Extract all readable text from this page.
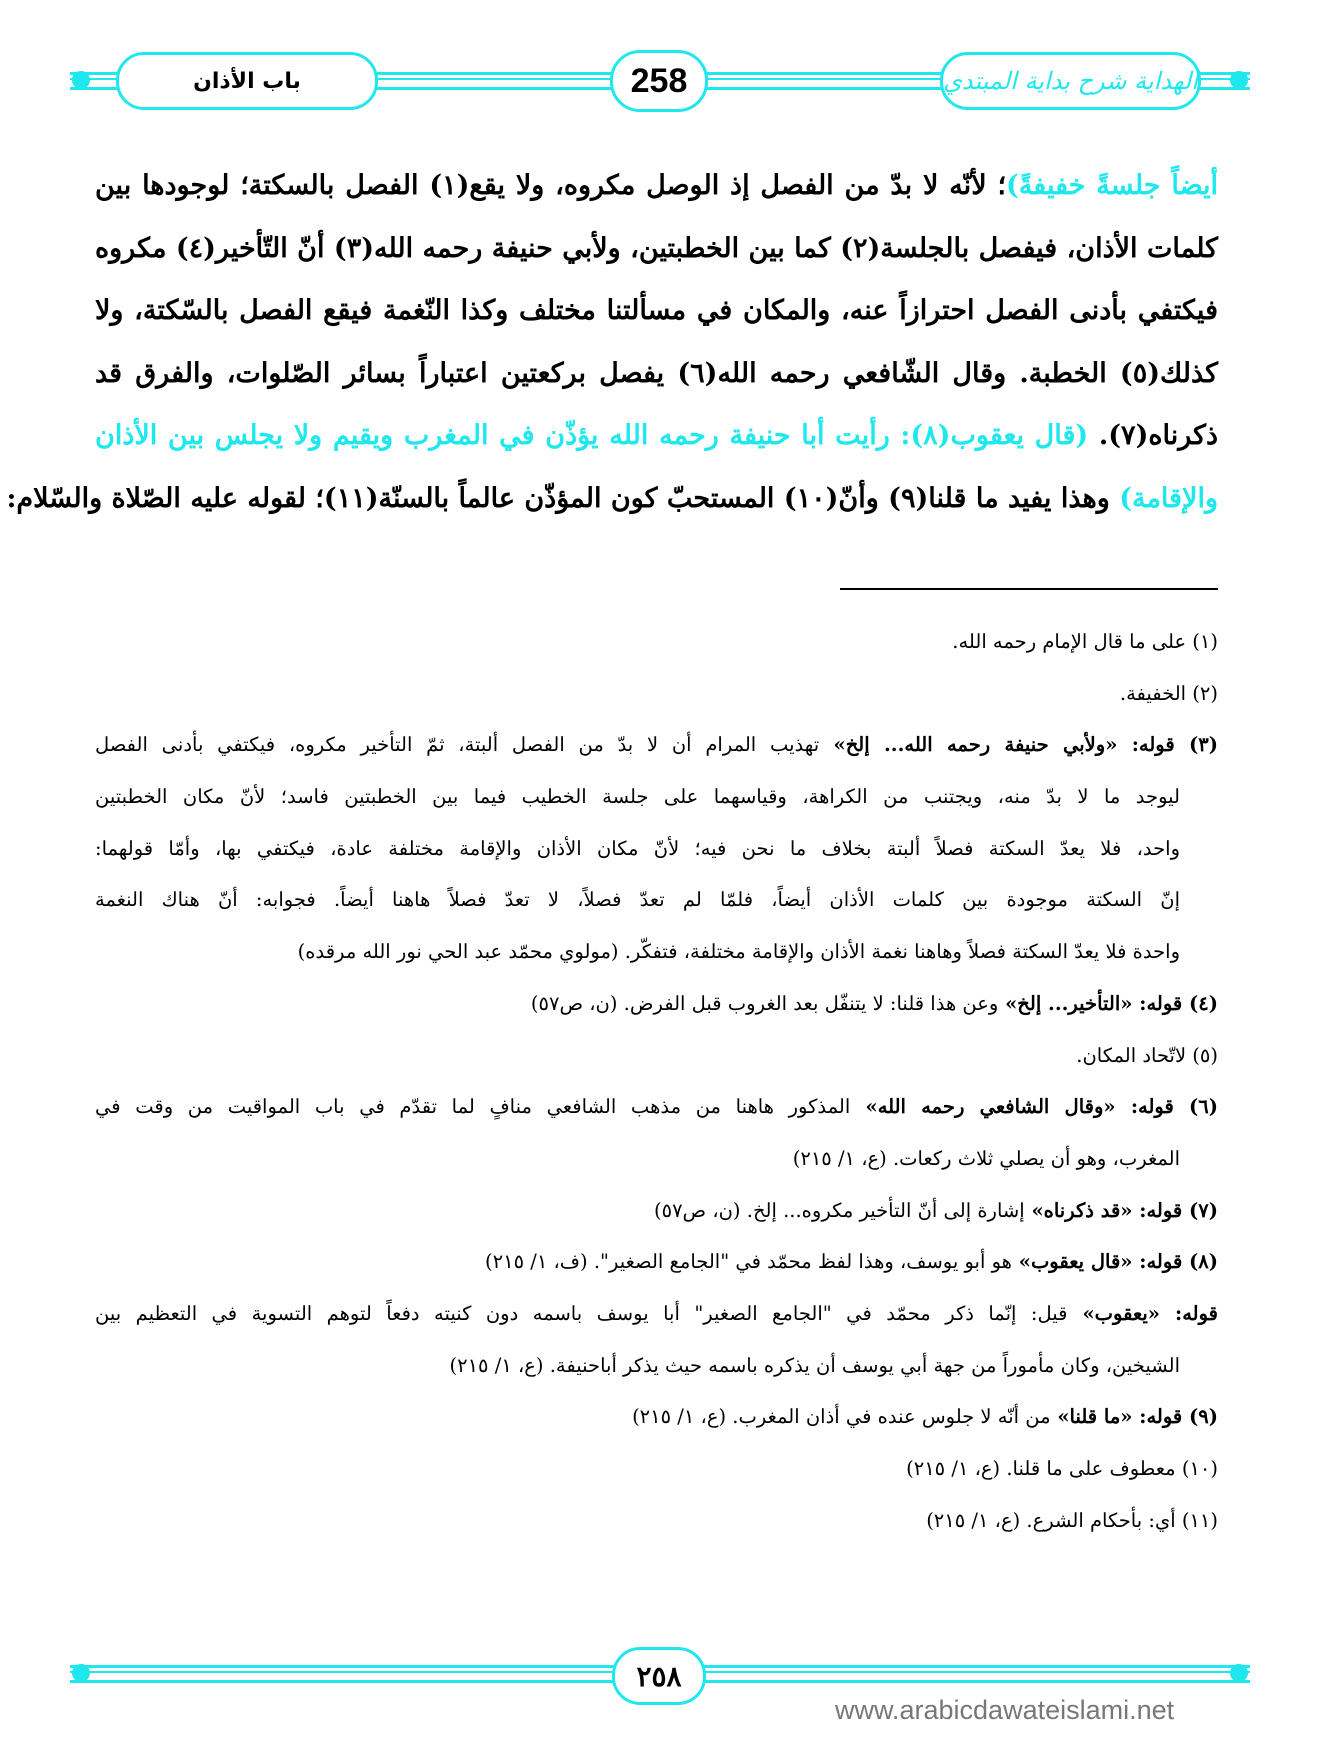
باب الأذان	258	الهداية شرح بداية المبتدي
أيضاً جلسةً خفيفةً)؛ لأنّه لا بدّ من الفصل إذ الوصل مكروه، ولا يقع(١) الفصل بالسكتة؛ لوجودها بين
كلمات الأذان، فيفصل بالجلسة(٢) كما بين الخطبتين، ولأبي حنيفة رحمه الله(٣) أنّ التّأخير(٤) مكروه
فيكتفي بأدنى الفصل احترازاً عنه، والمكان في مسألتنا مختلف وكذا النّغمة فيقع الفصل بالسّكتة، ولا
كذلك(٥) الخطبة. وقال الشّافعي رحمه الله(٦) يفصل بركعتين اعتباراً بسائر الصّلوات، والفرق قد
ذكرناه(٧). (قال يعقوب(٨): رأيت أبا حنيفة رحمه الله يؤذّن في المغرب ويقيم ولا يجلس بين الأذان
والإقامة) وهذا يفيد ما قلنا(٩) وأنّ(١٠) المستحبّ كون المؤذّن عالماً بالسنّة(١١)؛ لقوله عليه الصّلاة والسّلام:
(١) على ما قال الإمام رحمه الله.
(٢) الخفيفة.
(٣) قوله: «ولأبي حنيفة رحمه الله... إلخ» تهذيب المرام أن لا بدّ من الفصل ألبتة، ثمّ التأخير مكروه، فيكتفي بأدنى الفصل
ليوجد ما لا بدّ منه، ويجتنب من الكراهة، وقياسهما على جلسة الخطيب فيما بين الخطبتين فاسد؛ لأنّ مكان الخطبتين
واحد، فلا يعدّ السكتة فصلاً ألبتة بخلاف ما نحن فيه؛ لأنّ مكان الأذان والإقامة مختلفة عادة، فيكتفي بها، وأمّا قولهما:
إنّ السكتة موجودة بين كلمات الأذان أيضاً، فلمّا لم تعدّ فصلاً، لا تعدّ فصلاً هاهنا أيضاً. فجوابه: أنّ هناك النغمة
واحدة فلا يعدّ السكتة فصلاً وهاهنا نغمة الأذان والإقامة مختلفة، فتفكّر. (مولوي محمّد عبد الحي نور الله مرقده)
(٤) قوله: «التأخير... إلخ» وعن هذا قلنا: لا يتنفّل بعد الغروب قبل الفرض. (ن، ص٥٧)
(٥) لاتّحاد المكان.
(٦) قوله: «وقال الشافعي رحمه الله» المذكور هاهنا من مذهب الشافعي منافٍ لما تقدّم في باب المواقيت من وقت في
المغرب، وهو أن يصلي ثلاث ركعات. (ع، ١/ ٢١٥)
(٧) قوله: «قد ذكرناه» إشارة إلى أنّ التأخير مكروه... إلخ. (ن، ص٥٧)
(٨) قوله: «قال يعقوب» هو أبو يوسف، وهذا لفظ محمّد في "الجامع الصغير". (ف، ١/ ٢١٥)
قوله: «يعقوب» قيل: إنّما ذكر محمّد في "الجامع الصغير" أبا يوسف باسمه دون كنيته دفعاً لتوهم التسوية في التعظيم بين
الشيخين، وكان مأموراً من جهة أبي يوسف أن يذكره باسمه حيث يذكر أباحنيفة. (ع، ١/ ٢١٥)
(٩) قوله: «ما قلنا» من أنّه لا جلوس عنده في أذان المغرب. (ع، ١/ ٢١٥)
(١٠) معطوف على ما قلنا. (ع، ١/ ٢١٥)
(١١) أي: بأحكام الشرع. (ع، ١/ ٢١٥)
٢٥٨
www.arabicdawateislami.net
